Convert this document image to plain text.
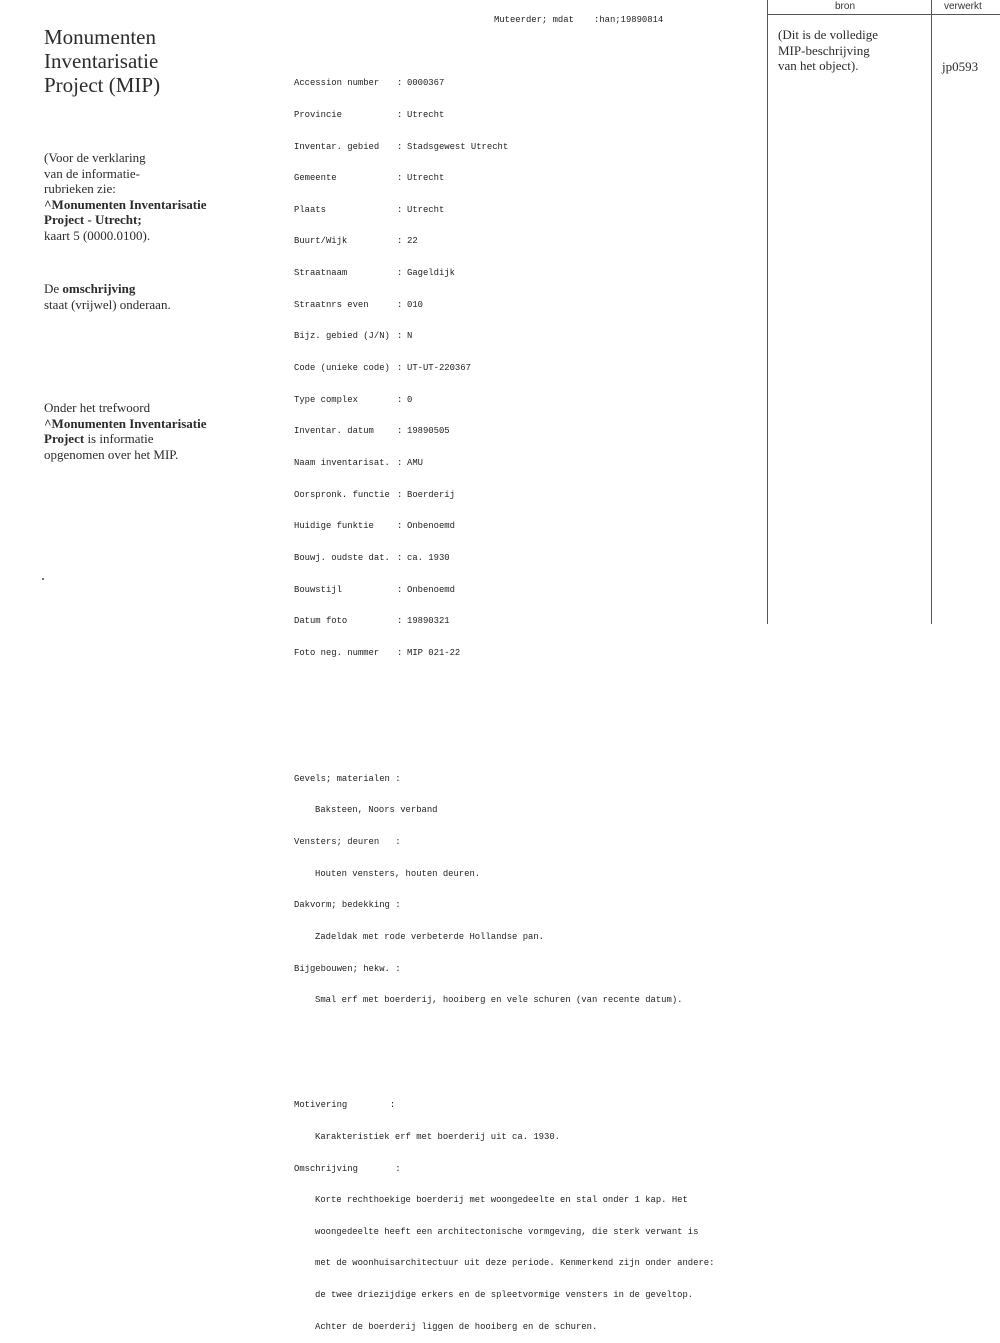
Monumenten
Inventarisatie
Project (MIP)
(Voor de verklaring
van de informatie-
rubrieken zie:
^Monumenten Inventarisatie
Project - Utrecht;
kaart 5 (0000.0100).
De omschrijving
staat (vrijwel) onderaan.
Onder het trefwoord
^Monumenten Inventarisatie
Project is informatie
opgenomen over het MIP.

Muteerder; mdat :han;19890814

Accession number : 0000367

Provincie	: Utrecht

Inventar. gebied : Stadsgewest Utrecht

Gemeente	: Utrecht

Plaats	: Utrecht

Buurt/Wijk	: 22

Straatnaam	: Gageldijk

Straatnrs even	: 010

Bijz. gebied (J/N) : N

Code (unieke code) : UT-UT-220367

Type complex	: 0

Inventar. datum	: 19890505

Naam inventarisat. : AMU

Oorspronk. functie : Boerderij

Huidige funktie	: Onbenoemd

Bouwj. oudste dat. : ca. 1930

Bouwstijl	: Onbenoemd

Datum foto	: 19890321

Foto neg. nummer : MIP 021-22

Gevels; materialen :

Baksteen, Noors verband

Vensters; deuren   :

Houten vensters, houten deuren.

Dakvorm; bedekking :

Zadeldak met rode verbeterde Hollandse pan.

Bijgebouwen; hekw. :

Smal erf met boerderij, hooiberg en vele schuren (van recente datum).

Motivering        :

Karakteristiek erf met boerderij uit ca. 1930.

Omschrijving       :

Korte rechthoekige boerderij met woongedeelte en stal onder 1 kap. Het

woongedeelte heeft een architectonische vormgeving, die sterk verwant is

met de woonhuisarchitectuur uit deze periode. Kenmerkend zijn onder andere:

de twee driezijdige erkers en de spleetvormige vensters in de geveltop.

Achter de boerderij liggen de hooiberg en de schuren.

bron	verwerkt
(Dit is de volledige
MIP-beschrijving
van het object).	jp0593
